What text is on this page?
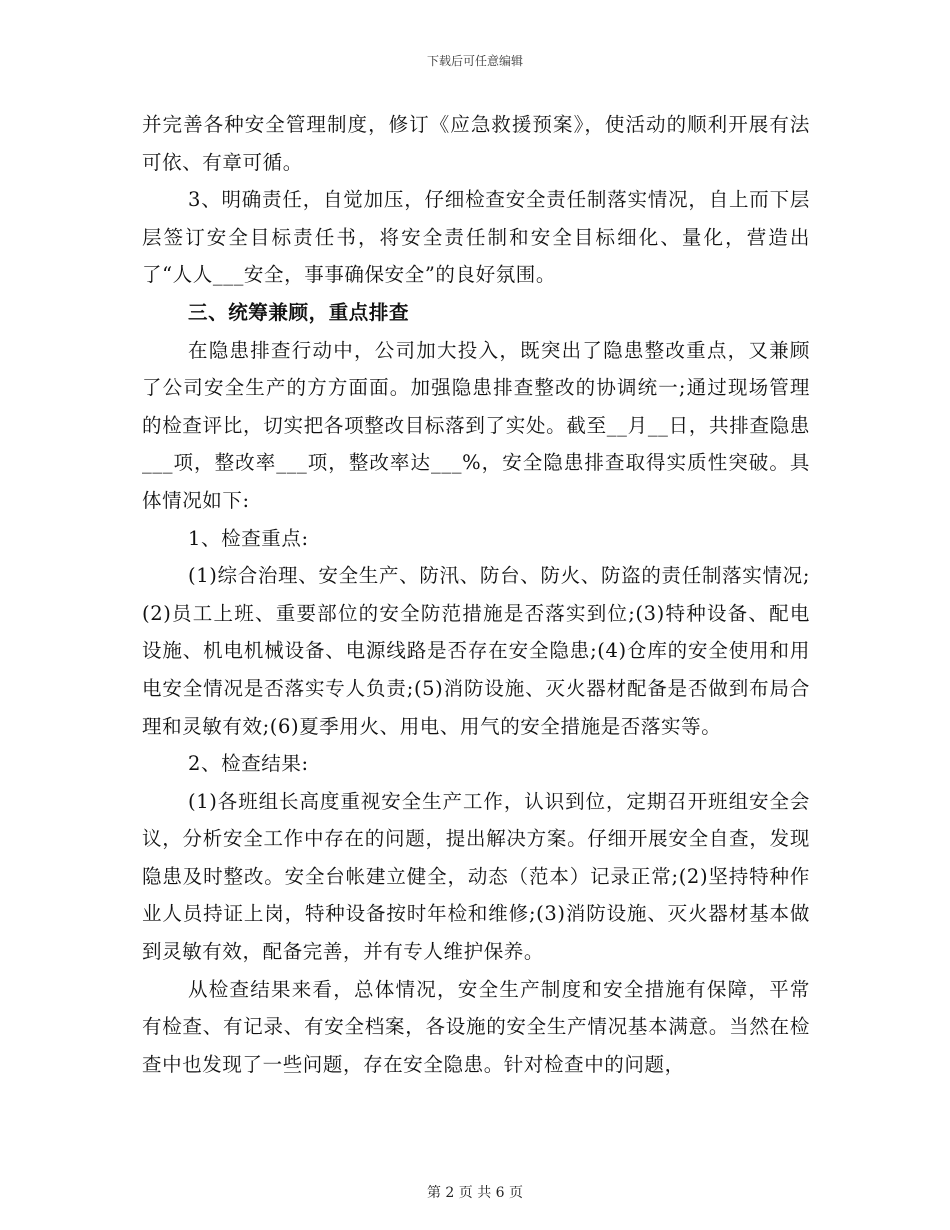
下载后可任意编辑

并完善各种安全管理制度，修订《应急救援预案》，使活动的顺利开展有法可依、有章可循。

3、明确责任，自觉加压，仔细检查安全责任制落实情况，自上而下层层签订安全目标责任书，将安全责任制和安全目标细化、量化，营造出了“人人___安全，事事确保安全”的良好氛围。

三、统筹兼顾，重点排查

在隐患排查行动中，公司加大投入，既突出了隐患整改重点，又兼顾了公司安全生产的方方面面。加强隐患排查整改的协调统一;通过现场管理的检查评比，切实把各项整改目标落到了实处。截至__月__日，共排查隐患___项，整改率___项，整改率达___%，安全隐患排查取得实质性突破。具体情况如下:

1、检查重点:

(1)综合治理、安全生产、防汛、防台、防火、防盗的责任制落实情况;(2)员工上班、重要部位的安全防范措施是否落实到位;(3)特种设备、配电设施、机电机械设备、电源线路是否存在安全隐患;(4)仓库的安全使用和用电安全情况是否落实专人负责;(5)消防设施、灭火器材配备是否做到布局合理和灵敏有效;(6)夏季用火、用电、用气的安全措施是否落实等。

2、检查结果:

(1)各班组长高度重视安全生产工作，认识到位，定期召开班组安全会议，分析安全工作中存在的问题，提出解决方案。仔细开展安全自查，发现隐患及时整改。安全台帐建立健全，动态（范本）记录正常;(2)坚持特种作业人员持证上岗，特种设备按时年检和维修;(3)消防设施、灭火器材基本做到灵敏有效，配备完善，并有专人维护保养。

从检查结果来看，总体情况，安全生产制度和安全措施有保障，平常有检查、有记录、有安全档案，各设施的安全生产情况基本满意。当然在检查中也发现了一些问题，存在安全隐患。针对检查中的问题，

第 2 页 共 6 页
